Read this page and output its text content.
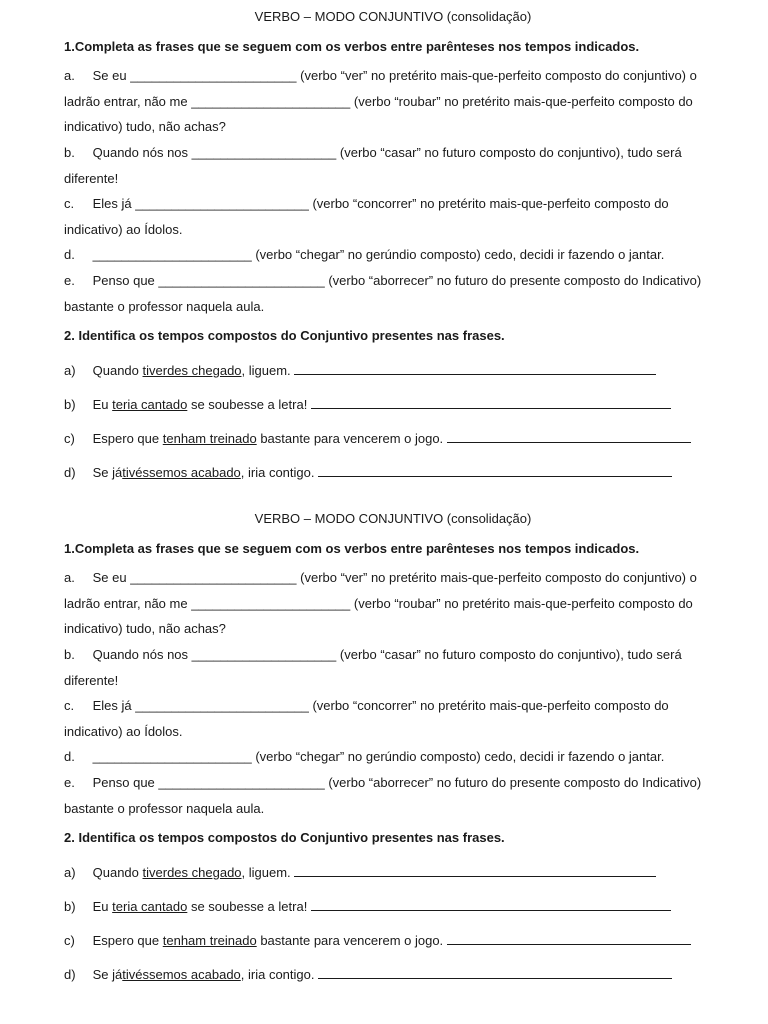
VERBO – MODO CONJUNTIVO (consolidação)
1.Completa as frases que se seguem com os verbos entre parênteses nos tempos indicados.
a. Se eu _______________________ (verbo “ver” no pretérito mais-que-perfeito composto do conjuntivo) o ladrão entrar, não me ______________________ (verbo “roubar” no pretérito mais-que-perfeito composto do indicativo) tudo, não achas?
b. Quando nós nos ____________________ (verbo “casar” no futuro composto do conjuntivo), tudo será diferente!
c. Eles já ________________________ (verbo “concorrer” no pretérito mais-que-perfeito composto do indicativo) ao Ídolos.
d. ______________________ (verbo “chegar” no gerúndio composto) cedo, decidi ir fazendo o jantar.
e. Penso que _______________________ (verbo “aborrecer” no futuro do presente composto do Indicativo) bastante o professor naquela aula.
2. Identifica os tempos compostos do Conjuntivo presentes nas frases.
a) Quando tiverdes chegado, liguem.
b) Eu teria cantado se soubesse a letra!
c) Espero que tenham treinado bastante para vencerem o jogo.
d) Se játivéssemos acabado, iria contigo.
VERBO – MODO CONJUNTIVO (consolidação)
1.Completa as frases que se seguem com os verbos entre parênteses nos tempos indicados.
a. Se eu _______________________ (verbo “ver” no pretérito mais-que-perfeito composto do conjuntivo) o ladrão entrar, não me ______________________ (verbo “roubar” no pretérito mais-que-perfeito composto do indicativo) tudo, não achas?
b. Quando nós nos ____________________ (verbo “casar” no futuro composto do conjuntivo), tudo será diferente!
c. Eles já ________________________ (verbo “concorrer” no pretérito mais-que-perfeito composto do indicativo) ao Ídolos.
d. ______________________ (verbo “chegar” no gerúndio composto) cedo, decidi ir fazendo o jantar.
e. Penso que _______________________ (verbo “aborrecer” no futuro do presente composto do Indicativo) bastante o professor naquela aula.
2. Identifica os tempos compostos do Conjuntivo presentes nas frases.
a) Quando tiverdes chegado, liguem.
b) Eu teria cantado se soubesse a letra!
c) Espero que tenham treinado bastante para vencerem o jogo.
d) Se játivéssemos acabado, iria contigo.
